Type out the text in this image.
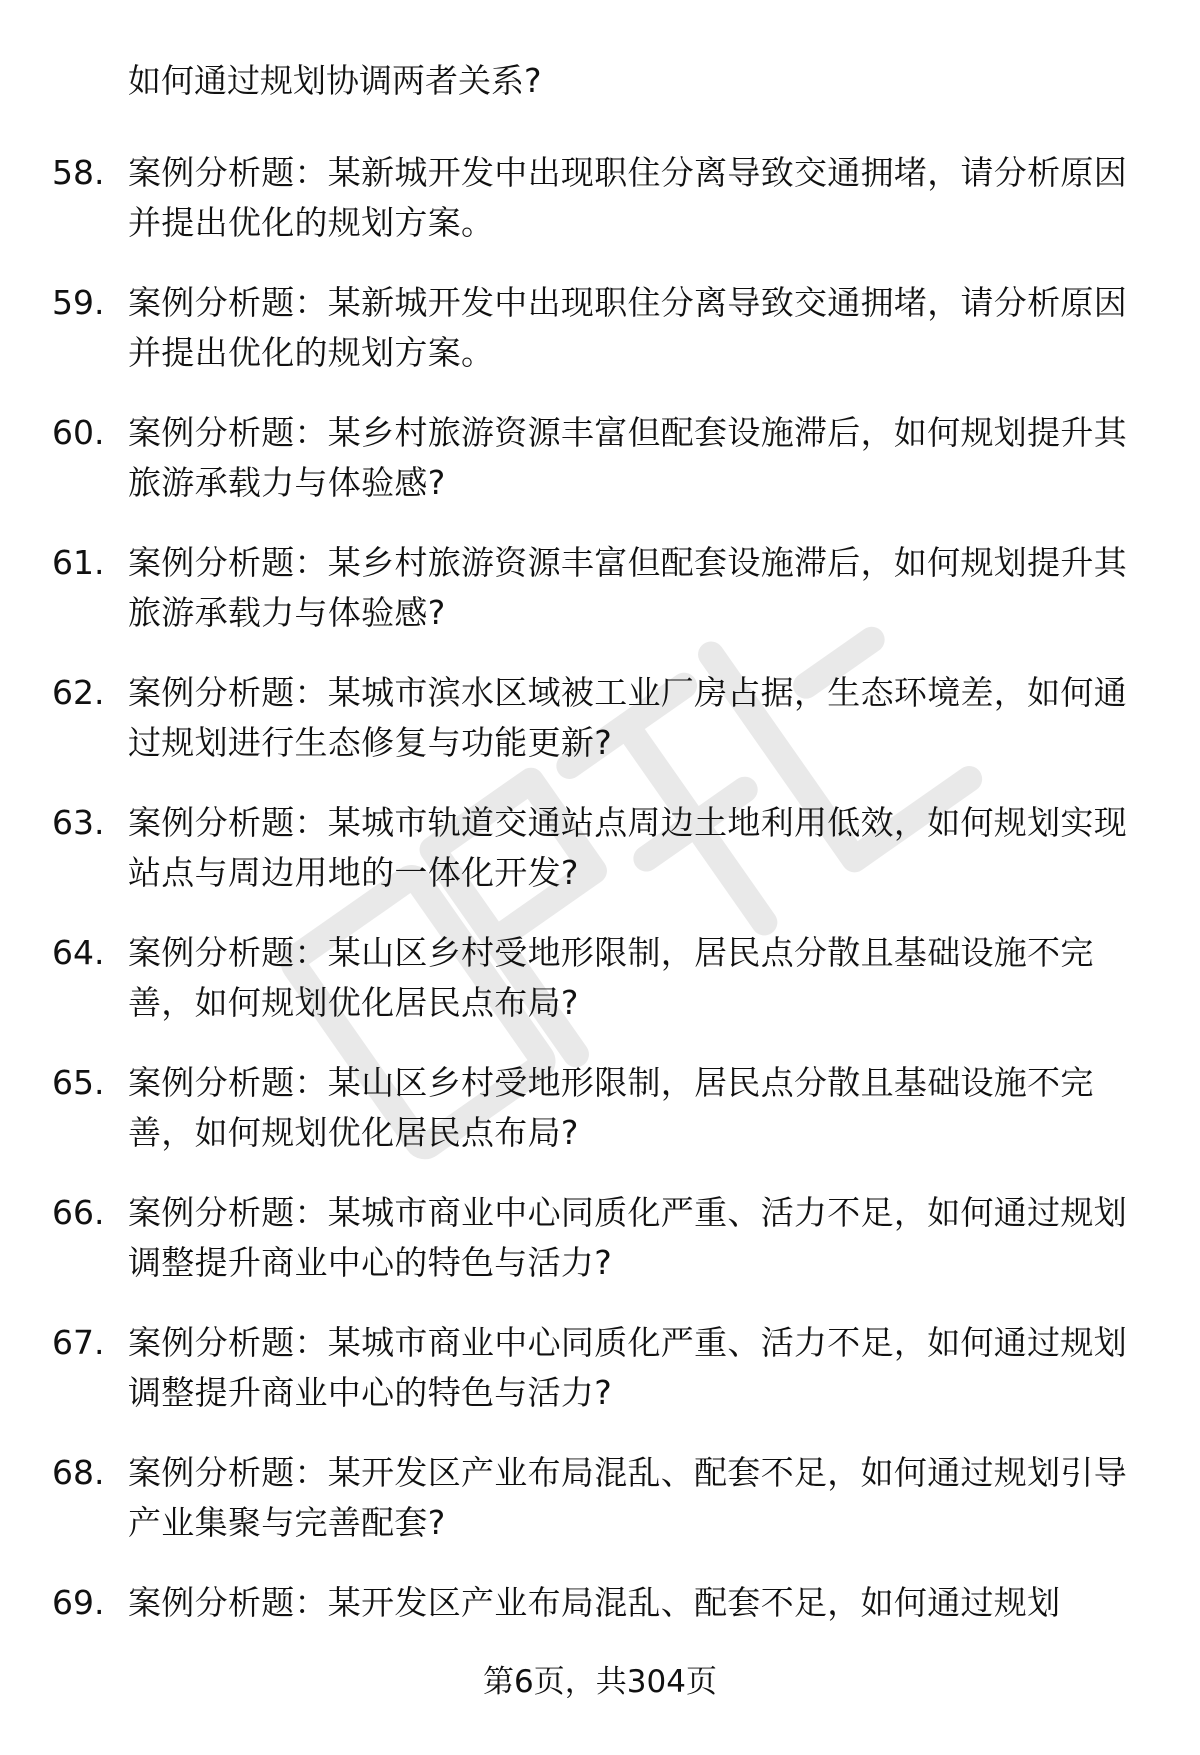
如何通过规划协调两者关系?
58. 案例分析题：某新城开发中出现职住分离导致交通拥堵，请分析原因并提出优化的规划方案。
59. 案例分析题：某新城开发中出现职住分离导致交通拥堵，请分析原因并提出优化的规划方案。
60. 案例分析题：某乡村旅游资源丰富但配套设施滞后，如何规划提升其旅游承载力与体验感?
61. 案例分析题：某乡村旅游资源丰富但配套设施滞后，如何规划提升其旅游承载力与体验感?
62. 案例分析题：某城市滨水区域被工业厂房占据，生态环境差，如何通过规划进行生态修复与功能更新?
63. 案例分析题：某城市轨道交通站点周边土地利用低效，如何规划实现站点与周边用地的一体化开发?
64. 案例分析题：某山区乡村受地形限制，居民点分散且基础设施不完善，如何规划优化居民点布局?
65. 案例分析题：某山区乡村受地形限制，居民点分散且基础设施不完善，如何规划优化居民点布局?
66. 案例分析题：某城市商业中心同质化严重、活力不足，如何通过规划调整提升商业中心的特色与活力?
67. 案例分析题：某城市商业中心同质化严重、活力不足，如何通过规划调整提升商业中心的特色与活力?
68. 案例分析题：某开发区产业布局混乱、配套不足，如何通过规划引导产业集聚与完善配套?
69. 案例分析题：某开发区产业布局混乱、配套不足，如何通过规划
第6页，共304页
